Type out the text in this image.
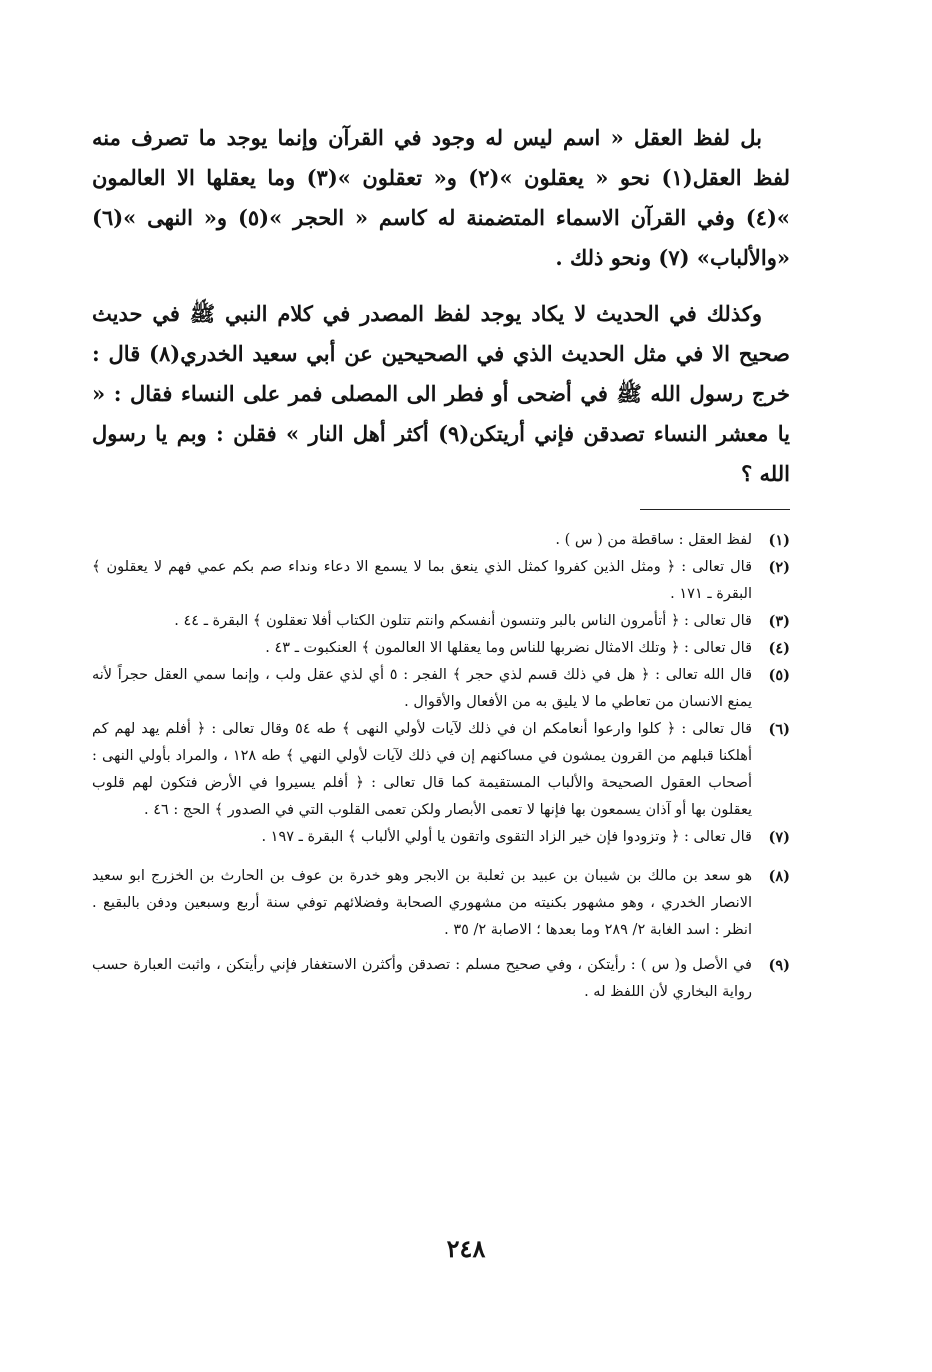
بل لفظ العقل « اسم ليس له وجود في القرآن وإنما يوجد ما تصرف منه لفظ العقل(١) نحو « يعقلون »(٢) و« تعقلون »(٣) وما يعقلها الا العالمون »(٤) وفي القرآن الاسماء المتضمنة له كاسم « الحجر »(٥) و« النهى »(٦) «والألباب» (٧) ونحو ذلك .

وكذلك في الحديث لا يكاد يوجد لفظ المصدر في كلام النبي ﷺ في حديث صحيح الا في مثل الحديث الذي في الصحيحين عن أبي سعيد الخدري(٨) قال : خرج رسول الله ﷺ في أضحى أو فطر الى المصلى فمر على النساء فقال : « يا معشر النساء تصدقن فإني أريتكن(٩) أكثر أهل النار » فقلن : وبم يا رسول الله ؟

(١)
لفظ العقل : ساقطة من ( س ) .
(٢)
قال تعالى : ﴿ ومثل الذين كفروا كمثل الذي ينعق بما لا يسمع الا دعاء ونداء صم بكم عمي فهم لا يعقلون ﴾ البقرة ـ ١٧١ .
(٣)
قال تعالى : ﴿ أتأمرون الناس بالبر وتنسون أنفسكم وانتم تتلون الكتاب أفلا تعقلون ﴾ البقرة ـ ٤٤ .
(٤)
قال تعالى : ﴿ وتلك الامثال نضربها للناس وما يعقلها الا العالمون ﴾ العنكبوت ـ ٤٣ .
(٥)
قال الله تعالى : ﴿ هل في ذلك قسم لذي حجر ﴾ الفجر : ٥ أي لذي عقل ولب ، وإنما سمي العقل حجراً لأنه يمنع الانسان من تعاطي ما لا يليق به من الأفعال والأقوال .
(٦)
قال تعالى : ﴿ كلوا وارعوا أنعامكم ان في ذلك لآيات لأولي النهى ﴾ طه ٥٤ وقال تعالى : ﴿ أفلم يهد لهم كم أهلكنا قبلهم من القرون يمشون في مساكنهم إن في ذلك لآيات لأولي النهي ﴾ طه ١٢٨ ، والمراد بأولي النهى : أصحاب العقول الصحيحة والألباب المستقيمة كما قال تعالى : ﴿ أفلم يسيروا في الأرض فتكون لهم قلوب يعقلون بها أو آذان يسمعون بها فإنها لا تعمى الأبصار ولكن تعمى القلوب التي في الصدور ﴾ الحج : ٤٦ .
(٧)
قال تعالى : ﴿ وتزودوا فإن خير الزاد التقوى واتقون يا أولي الألباب ﴾ البقرة ـ ١٩٧ .
(٨)
هو سعد بن مالك بن شيبان بن عبيد بن ثعلبة بن الابجر وهو خدرة بن عوف بن الحارث بن الخزرج ابو سعيد الانصار الخدري ، وهو مشهور بكنيته من مشهوري الصحابة وفضلائهم توفي سنة أربع وسبعين ودفن بالبقيع . انظر : اسد الغابة ٢/ ٢٨٩ وما بعدها ؛ الاصابة ٢/ ٣٥ .
(٩)
في الأصل و( س ) : رأيتكن ، وفي صحيح مسلم : تصدقن وأكثرن الاستغفار فإني رأيتكن ، واثبت العبارة حسب رواية البخاري لأن اللفظ له .
٢٤٨
